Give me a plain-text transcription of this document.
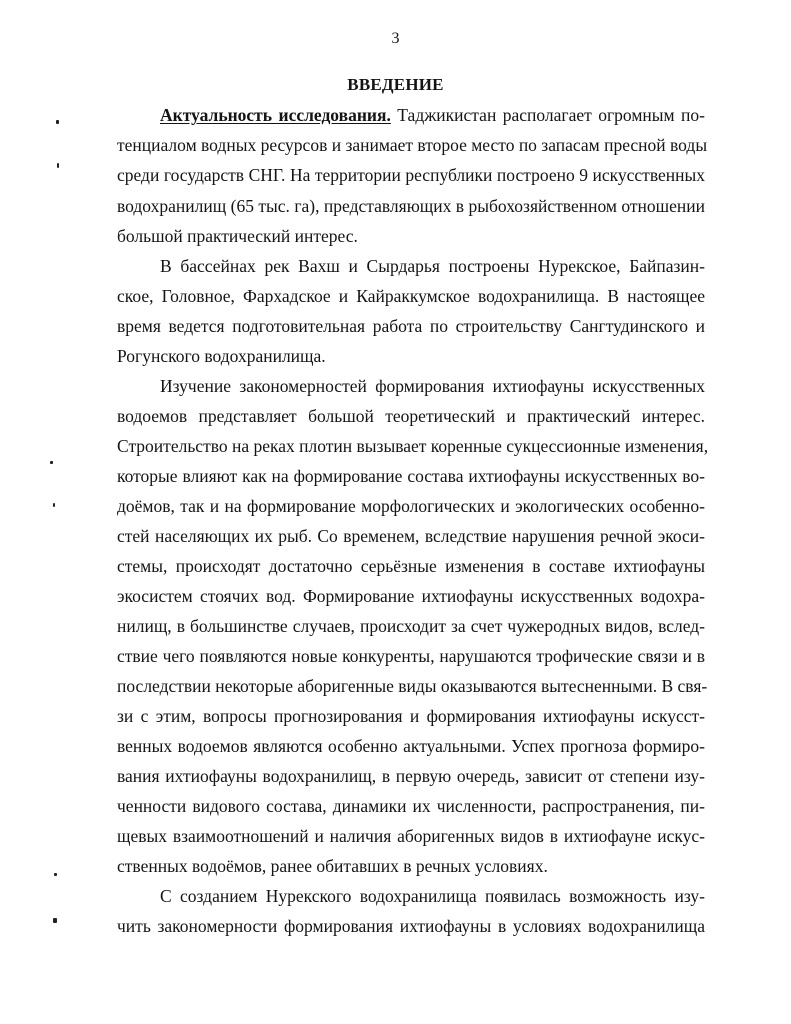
3
ВВЕДЕНИЕ
Актуальность исследования. Таджикистан располагает огромным по-
тенциалом водных ресурсов и занимает второе место по запасам пресной воды
среди государств СНГ. На территории республики построено 9 искусственных
водохранилищ (65 тыс. га), представляющих в рыбохозяйственном отношении
большой практический интерес.
В бассейнах рек Вахш и Сырдарья построены Нурекское, Байпазин-
ское, Головное, Фархадское и Кайраккумское водохранилища. В настоящее
время ведется подготовительная работа по строительству Сангтудинского и
Рогунского водохранилища.
Изучение закономерностей формирования ихтиофауны искусственных
водоемов представляет большой теоретический и практический интерес.
Строительство на реках плотин вызывает коренные сукцессионные изменения,
которые влияют как на формирование состава ихтиофауны искусственных во-
доёмов, так и на формирование морфологических и экологических особенно-
стей населяющих их рыб. Со временем, вследствие нарушения речной экоси-
стемы, происходят достаточно серьёзные изменения в составе ихтиофауны
экосистем стоячих вод. Формирование ихтиофауны искусственных водохра-
нилищ, в большинстве случаев, происходит за счет чужеродных видов, вслед-
ствие чего появляются новые конкуренты, нарушаются трофические связи и в
последствии некоторые аборигенные виды оказываются вытесненными. В свя-
зи с этим, вопросы прогнозирования и формирования ихтиофауны искусст-
венных водоемов являются особенно актуальными. Успех прогноза формиро-
вания ихтиофауны водохранилищ, в первую очередь, зависит от степени изу-
ченности видового состава, динамики их численности, распространения, пи-
щевых взаимоотношений и наличия аборигенных видов в ихтиофауне искус-
ственных водоёмов, ранее обитавших в речных условиях.
С созданием Нурекского водохранилища появилась возможность изу-
чить закономерности формирования ихтиофауны в условиях водохранилища
